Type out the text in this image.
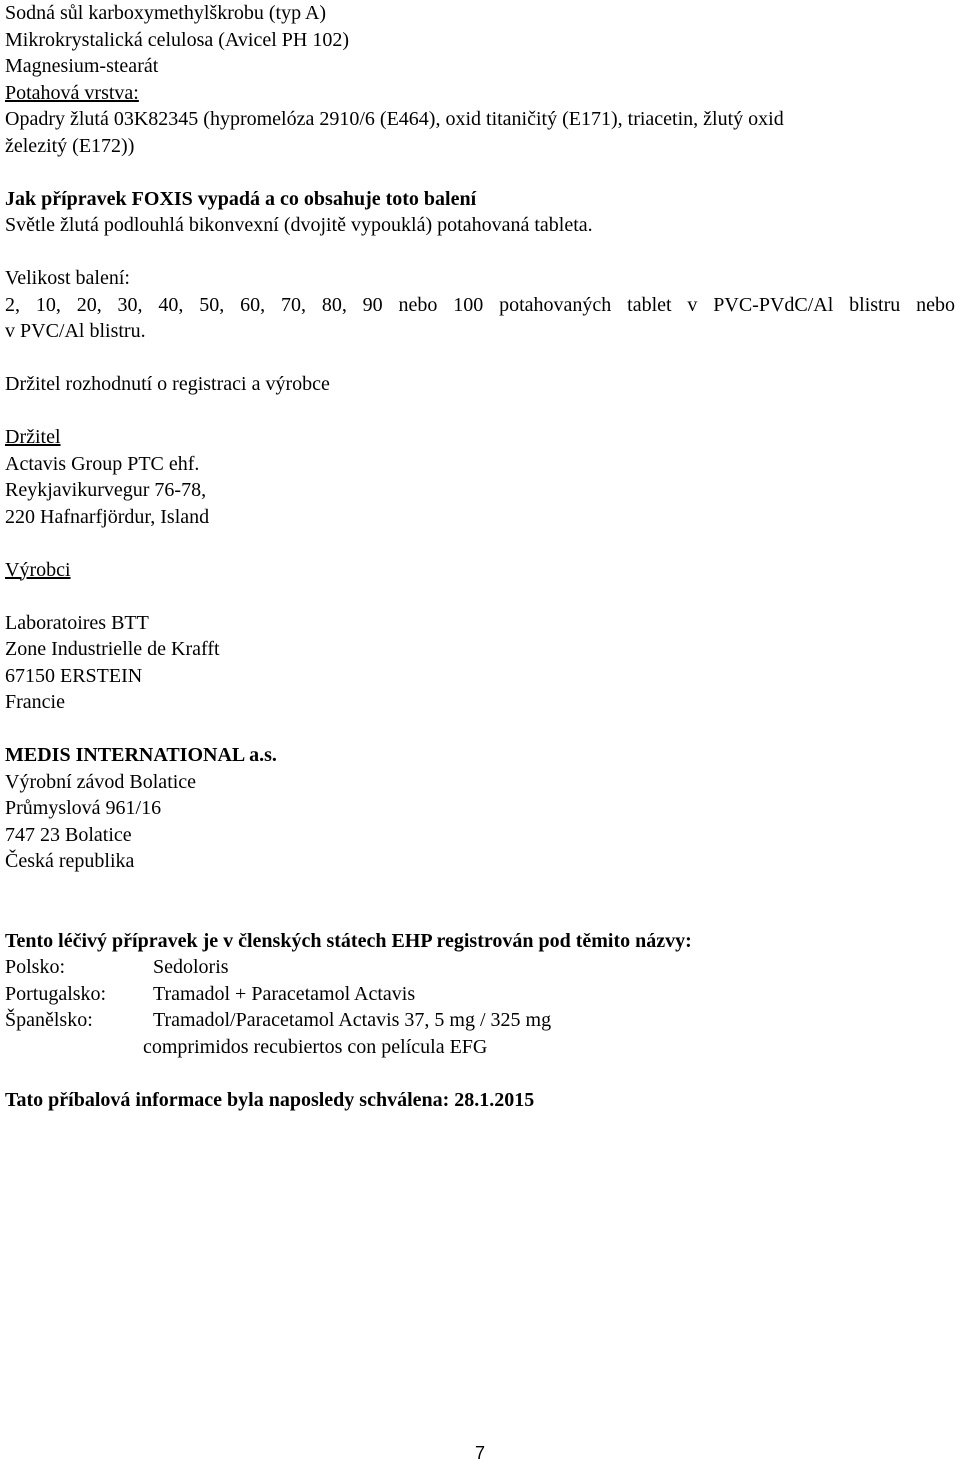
Sodná sůl karboxymethylškrobu (typ A)

Mikrokrystalická celulosa (Avicel PH 102)

Magnesium-stearát

Potahová vrstva:

Opadry žlutá 03K82345 (hypromelóza 2910/6 (E464), oxid titaničitý (E171), triacetin, žlutý oxid

železitý (E172))

Jak přípravek FOXIS vypadá a co obsahuje toto balení

Světle žlutá podlouhlá bikonvexní (dvojitě vypouklá) potahovaná tableta.

Velikost balení:

2, 10, 20, 30, 40, 50, 60, 70, 80, 90 nebo 100 potahovaných tablet v PVC-PVdC/Al blistru nebo

v PVC/Al blistru.

Držitel rozhodnutí o registraci a výrobce

Držitel

Actavis Group PTC ehf.

Reykjavikurvegur 76-78,

220 Hafnarfjördur, Island

Výrobci

Laboratoires BTT

Zone Industrielle de Krafft

67150 ERSTEIN

Francie

MEDIS INTERNATIONAL a.s.

Výrobní závod Bolatice

Průmyslová 961/16

747 23 Bolatice

Česká republika

Tento léčivý přípravek je v členských státech EHP registrován pod těmito názvy:

Polsko:	Sedoloris
Portugalsko:	Tramadol + Paracetamol Actavis
Španělsko:	Tramadol/Paracetamol Actavis 37, 5 mg / 325 mg

comprimidos recubiertos con película EFG

Tato příbalová informace byla naposledy schválena: 28.1.2015

7
